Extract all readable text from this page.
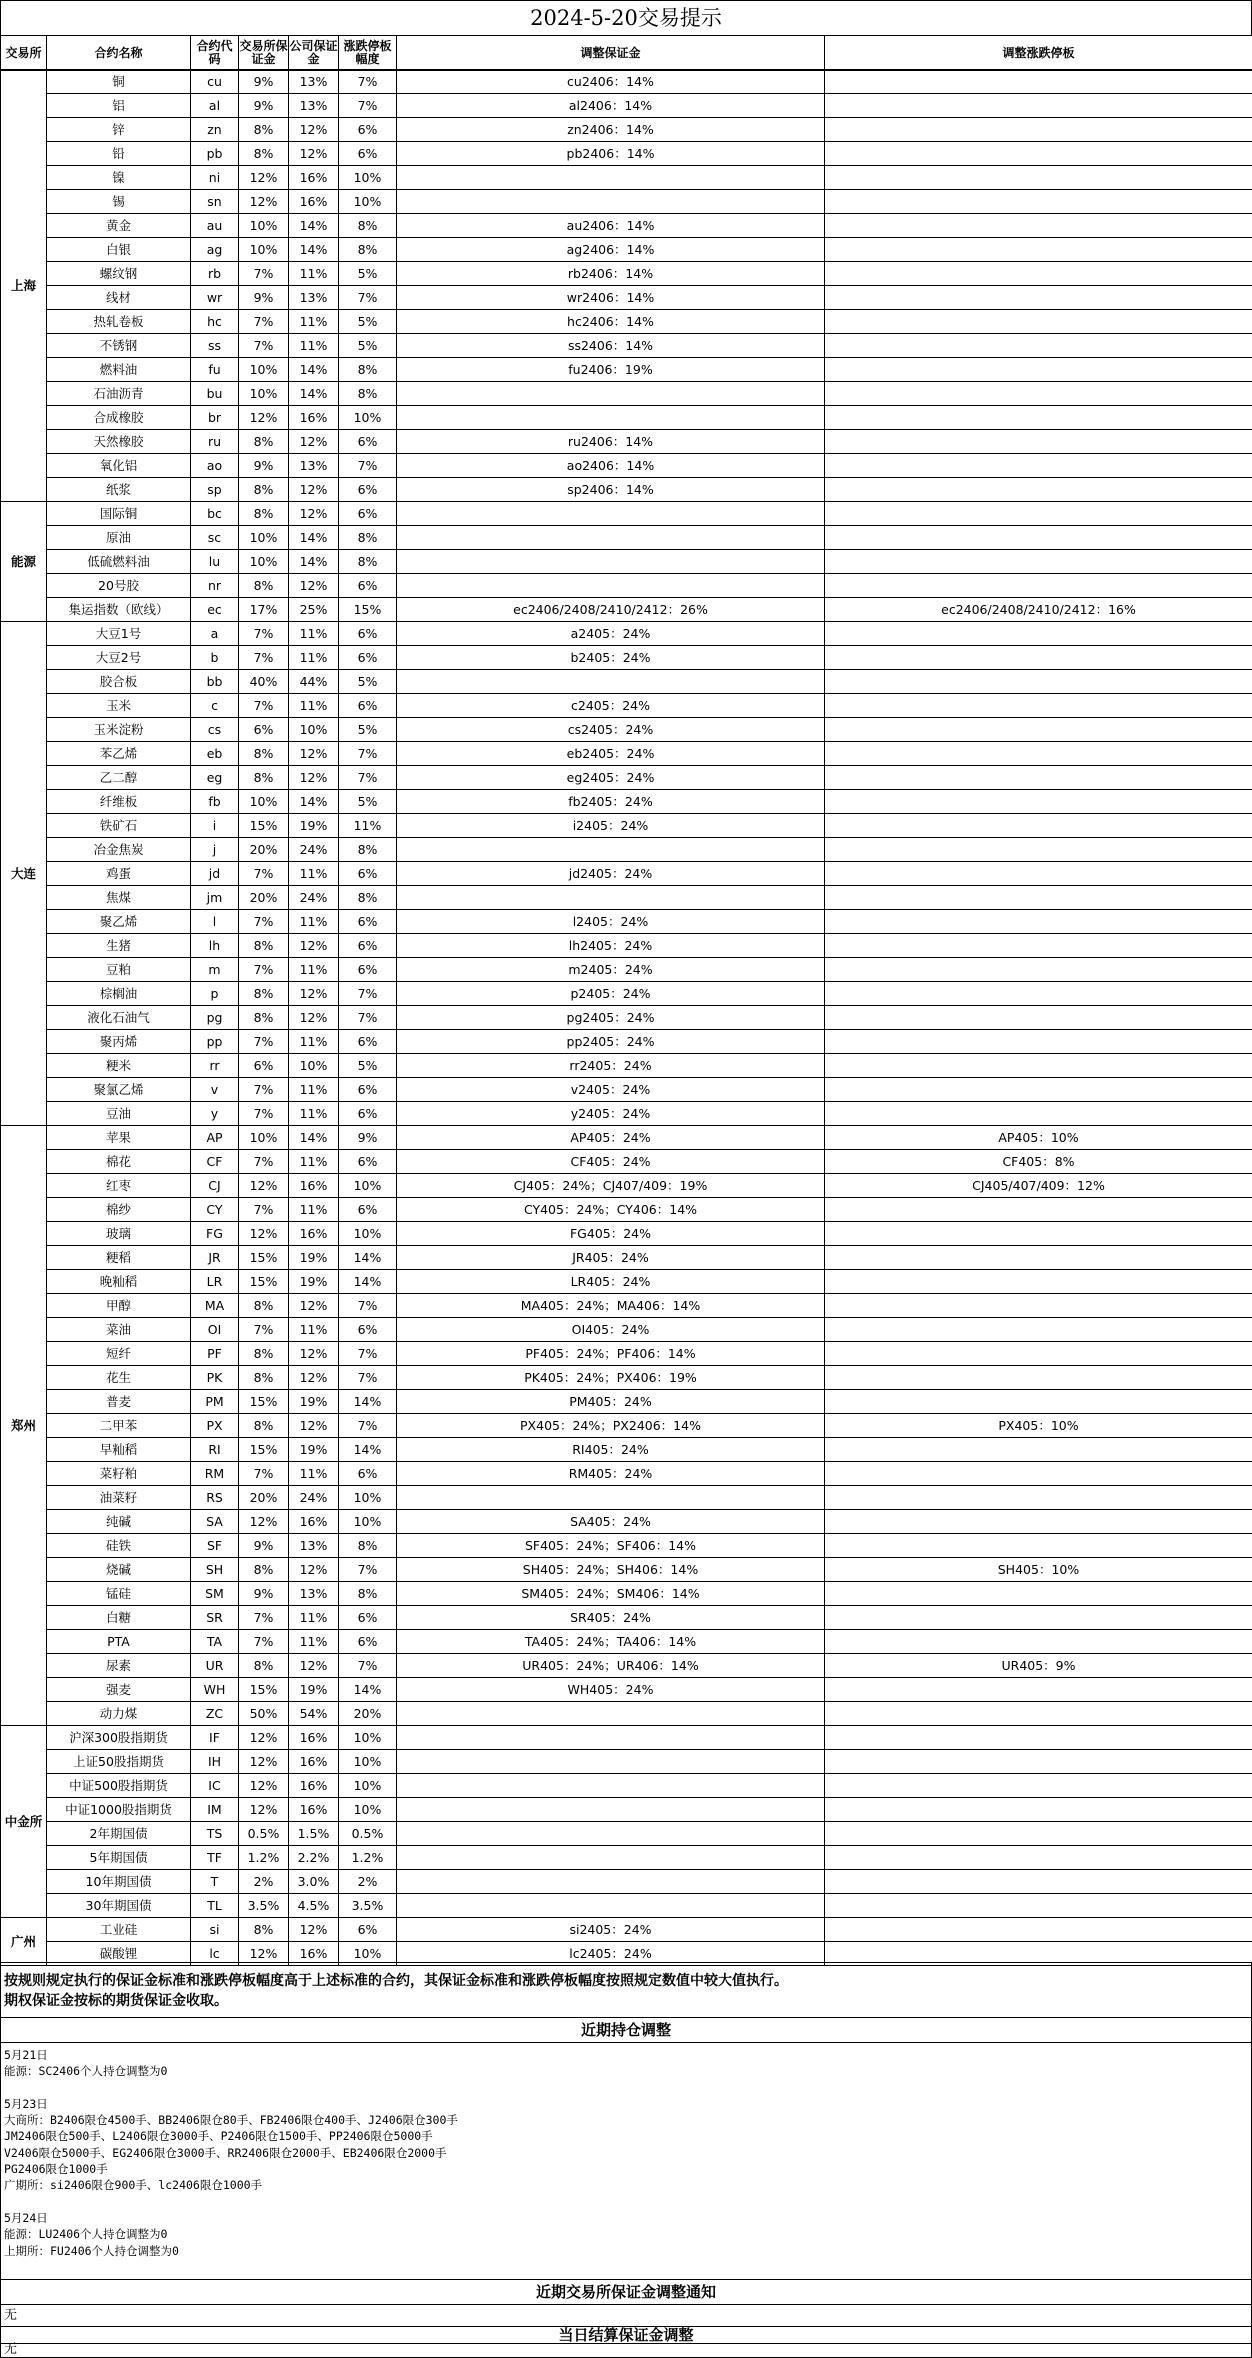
2024-5-20交易提示
交易所	合约名称	合约代码	交易所保证金	公司保证金	涨跌停板幅度	调整保证金	调整涨跌停板
上海	铜	cu	9%	13%	7%	cu2406：14%	
	铝	al	9%	13%	7%	al2406：14%	
	锌	zn	8%	12%	6%	zn2406：14%	
	铅	pb	8%	12%	6%	pb2406：14%	
	镍	ni	12%	16%	10%		
	锡	sn	12%	16%	10%		
	黄金	au	10%	14%	8%	au2406：14%	
	白银	ag	10%	14%	8%	ag2406：14%	
	螺纹钢	rb	7%	11%	5%	rb2406：14%	
	线材	wr	9%	13%	7%	wr2406：14%	
	热轧卷板	hc	7%	11%	5%	hc2406：14%	
	不锈钢	ss	7%	11%	5%	ss2406：14%	
	燃料油	fu	10%	14%	8%	fu2406：19%	
	石油沥青	bu	10%	14%	8%		
	合成橡胶	br	12%	16%	10%		
	天然橡胶	ru	8%	12%	6%	ru2406：14%	
	氧化铝	ao	9%	13%	7%	ao2406：14%	
	纸浆	sp	8%	12%	6%	sp2406：14%	
能源	国际铜	bc	8%	12%	6%		
	原油	sc	10%	14%	8%		
	低硫燃料油	lu	10%	14%	8%		
	20号胶	nr	8%	12%	6%		
	集运指数（欧线）	ec	17%	25%	15%	ec2406/2408/2410/2412：26%	ec2406/2408/2410/2412：16%
大连	大豆1号	a	7%	11%	6%	a2405：24%	
	大豆2号	b	7%	11%	6%	b2405：24%	
	胶合板	bb	40%	44%	5%		
	玉米	c	7%	11%	6%	c2405：24%	
	玉米淀粉	cs	6%	10%	5%	cs2405：24%	
	苯乙烯	eb	8%	12%	7%	eb2405：24%	
	乙二醇	eg	8%	12%	7%	eg2405：24%	
	纤维板	fb	10%	14%	5%	fb2405：24%	
	铁矿石	i	15%	19%	11%	i2405：24%	
	冶金焦炭	j	20%	24%	8%		
	鸡蛋	jd	7%	11%	6%	jd2405：24%	
	焦煤	jm	20%	24%	8%		
	聚乙烯	l	7%	11%	6%	l2405：24%	
	生猪	lh	8%	12%	6%	lh2405：24%	
	豆粕	m	7%	11%	6%	m2405：24%	
	棕榈油	p	8%	12%	7%	p2405：24%	
	液化石油气	pg	8%	12%	7%	pg2405：24%	
	聚丙烯	pp	7%	11%	6%	pp2405：24%	
	粳米	rr	6%	10%	5%	rr2405：24%	
	聚氯乙烯	v	7%	11%	6%	v2405：24%	
	豆油	y	7%	11%	6%	y2405：24%	
郑州	苹果	AP	10%	14%	9%	AP405：24%	AP405：10%
	棉花	CF	7%	11%	6%	CF405：24%	CF405：8%
	红枣	CJ	12%	16%	10%	CJ405：24%；CJ407/409：19%	CJ405/407/409：12%
	棉纱	CY	7%	11%	6%	CY405：24%；CY406：14%	
	玻璃	FG	12%	16%	10%	FG405：24%	
	粳稻	JR	15%	19%	14%	JR405：24%	
	晚籼稻	LR	15%	19%	14%	LR405：24%	
	甲醇	MA	8%	12%	7%	MA405：24%；MA406：14%	
	菜油	OI	7%	11%	6%	OI405：24%	
	短纤	PF	8%	12%	7%	PF405：24%；PF406：14%	
	花生	PK	8%	12%	7%	PK405：24%；PX406：19%	
	普麦	PM	15%	19%	14%	PM405：24%	
	二甲苯	PX	8%	12%	7%	PX405：24%；PX2406：14%	PX405：10%
	早籼稻	RI	15%	19%	14%	RI405：24%	
	菜籽粕	RM	7%	11%	6%	RM405：24%	
	油菜籽	RS	20%	24%	10%		
	纯碱	SA	12%	16%	10%	SA405：24%	
	硅铁	SF	9%	13%	8%	SF405：24%；SF406：14%	
	烧碱	SH	8%	12%	7%	SH405：24%；SH406：14%	SH405：10%
	锰硅	SM	9%	13%	8%	SM405：24%；SM406：14%	
	白糖	SR	7%	11%	6%	SR405：24%	
	PTA	TA	7%	11%	6%	TA405：24%；TA406：14%	
	尿素	UR	8%	12%	7%	UR405：24%；UR406：14%	UR405：9%
	强麦	WH	15%	19%	14%	WH405：24%	
	动力煤	ZC	50%	54%	20%		
中金所	沪深300股指期货	IF	12%	16%	10%		
	上证50股指期货	IH	12%	16%	10%		
	中证500股指期货	IC	12%	16%	10%		
	中证1000股指期货	IM	12%	16%	10%		
	2年期国债	TS	0.5%	1.5%	0.5%		
	5年期国债	TF	1.2%	2.2%	1.2%		
	10年期国债	T	2%	3.0%	2%		
	30年期国债	TL	3.5%	4.5%	3.5%		
广州	工业硅	si	8%	12%	6%	si2405：24%	
	碳酸锂	lc	12%	16%	10%	lc2405：24%	
按规则规定执行的保证金标准和涨跌停板幅度高于上述标准的合约，其保证金标准和涨跌停板幅度按照规定数值中较大值执行。
期权保证金按标的期货保证金收取。
近期持仓调整
5月21日
能源：SC2406个人持仓调整为0
5月23日
大商所：B2406限仓4500手、BB2406限仓80手、FB2406限仓400手、J2406限仓300手
JM2406限仓500手、L2406限仓3000手、P2406限仓1500手、PP2406限仓5000手
V2406限仓5000手、EG2406限仓3000手、RR2406限仓2000手、EB2406限仓2000手
PG2406限仓1000手
广期所：si2406限仓900手、lc2406限仓1000手
5月24日
能源：LU2406个人持仓调整为0
上期所：FU2406个人持仓调整为0
近期交易所保证金调整通知
无
当日结算保证金调整
无
